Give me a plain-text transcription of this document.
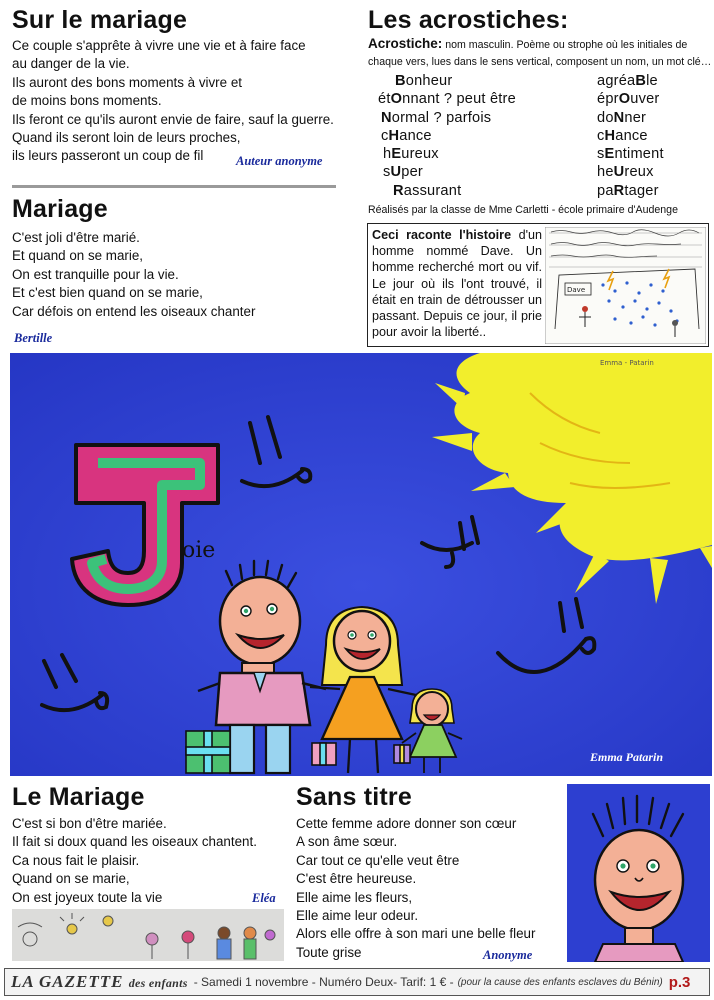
Sur le mariage
Ce couple s'apprête à vivre une vie et à faire face
au danger de la vie.
Ils auront des bons moments à vivre et
de moins bons moments.
Ils feront ce qu'ils auront envie de faire, sauf la guerre.
Quand ils seront loin de leurs proches,
ils leurs passeront un coup de fil	Auteur anonyme
Mariage
C'est joli d'être marié.
Et quand on se marie,
On est tranquille pour la vie.
Et c'est bien quand on se marie,
Car défois on entend les oiseaux chanter
Bertille
Les acrostiches:
Acrostiche: nom masculin. Poème ou strophe où les initiales de
chaque vers, lues dans le sens vertical, composent un nom, un mot clé…
Bonheur
étOnnant ? peut être
Normal ? parfois
cHance
hEureux
sUper
Rassurant
agréaBle
éprOuver
doNner
cHance
sEntiment
heUreux
paRtager
Réalisés par la classe de Mme Carletti - école primaire d'Audenge
Ceci raconte l'histoire d'un homme nommé Dave. Un homme recherché mort ou vif. Le jour où ils l'ont trouvé, il était en train de détrousser un passant. Depuis ce jour, il prie pour avoir la liberté..
Dave
Emma - Patarin
oie
Emma Patarin
Le Mariage
C'est si bon d'être mariée.
Il fait si doux quand les oiseaux chantent.
Ca nous fait le plaisir.
Quand on se marie,
On est joyeux toute la vie	Eléa
Sans titre
Cette femme adore donner son cœur
A son âme sœur.
Car tout ce qu'elle veut être
C'est être heureuse.
Elle aime les fleurs,
Elle aime leur odeur.
Alors elle offre à son mari une belle fleur
Toute grise	Anonyme
LA GAZETTE des enfants - Samedi 1 novembre - Numéro Deux- Tarif: 1 € - (pour la cause des enfants esclaves du Bénin) p.3
